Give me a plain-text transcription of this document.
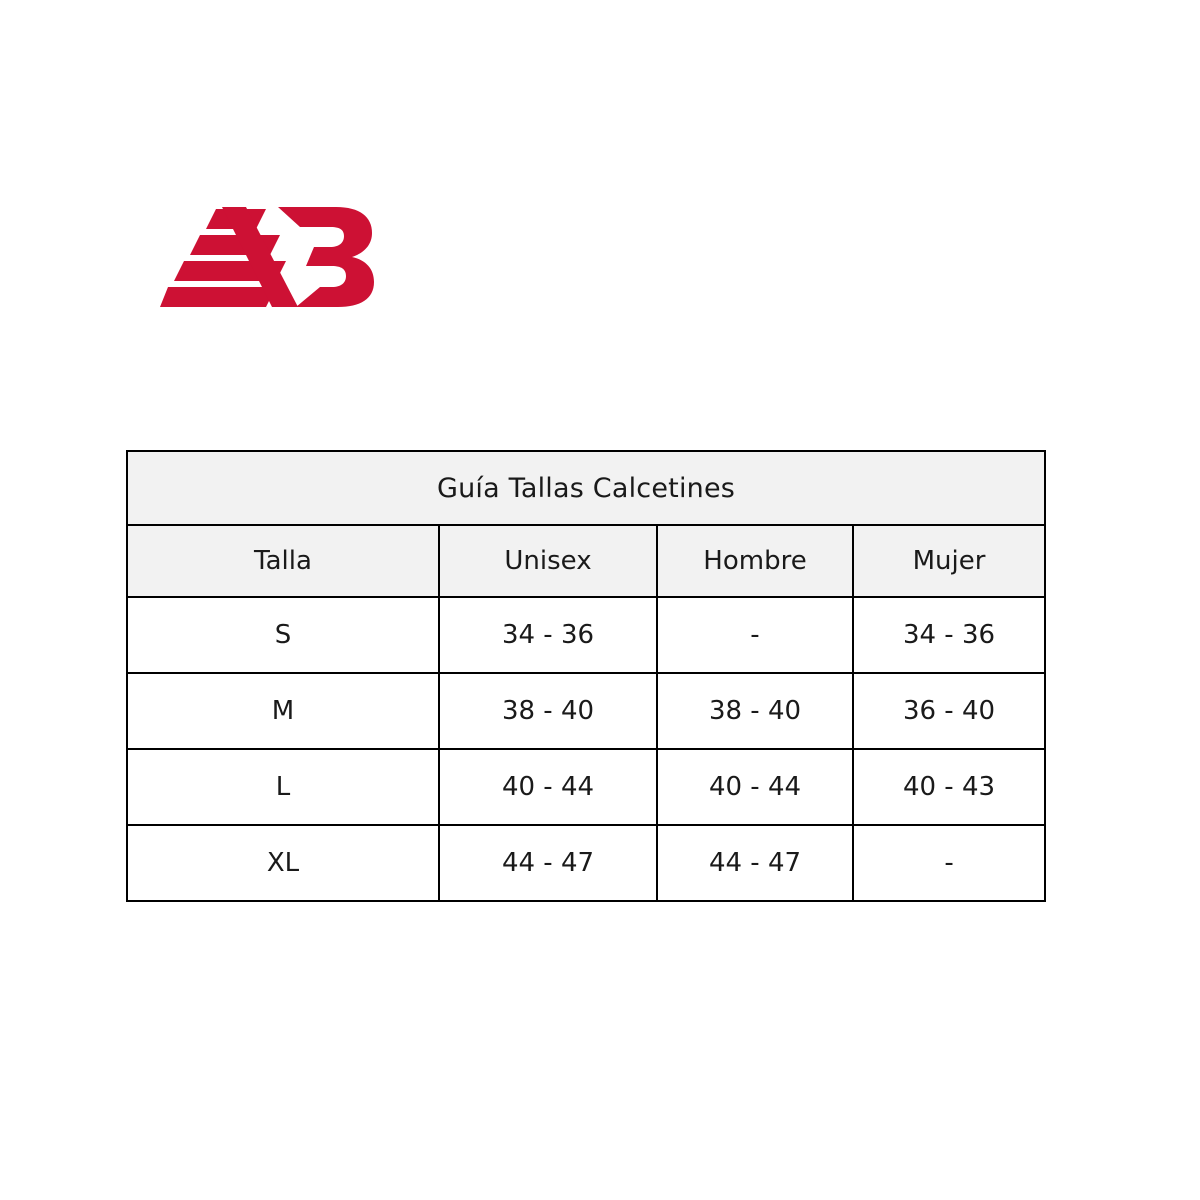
Guía Tallas Calcetines			
Talla	Unisex	Hombre	Mujer
S	34 - 36	-	34 - 36
M	38 - 40	38 - 40	36 - 40
L	40 - 44	40 - 44	40 - 43
XL	44 - 47	44 - 47	-
